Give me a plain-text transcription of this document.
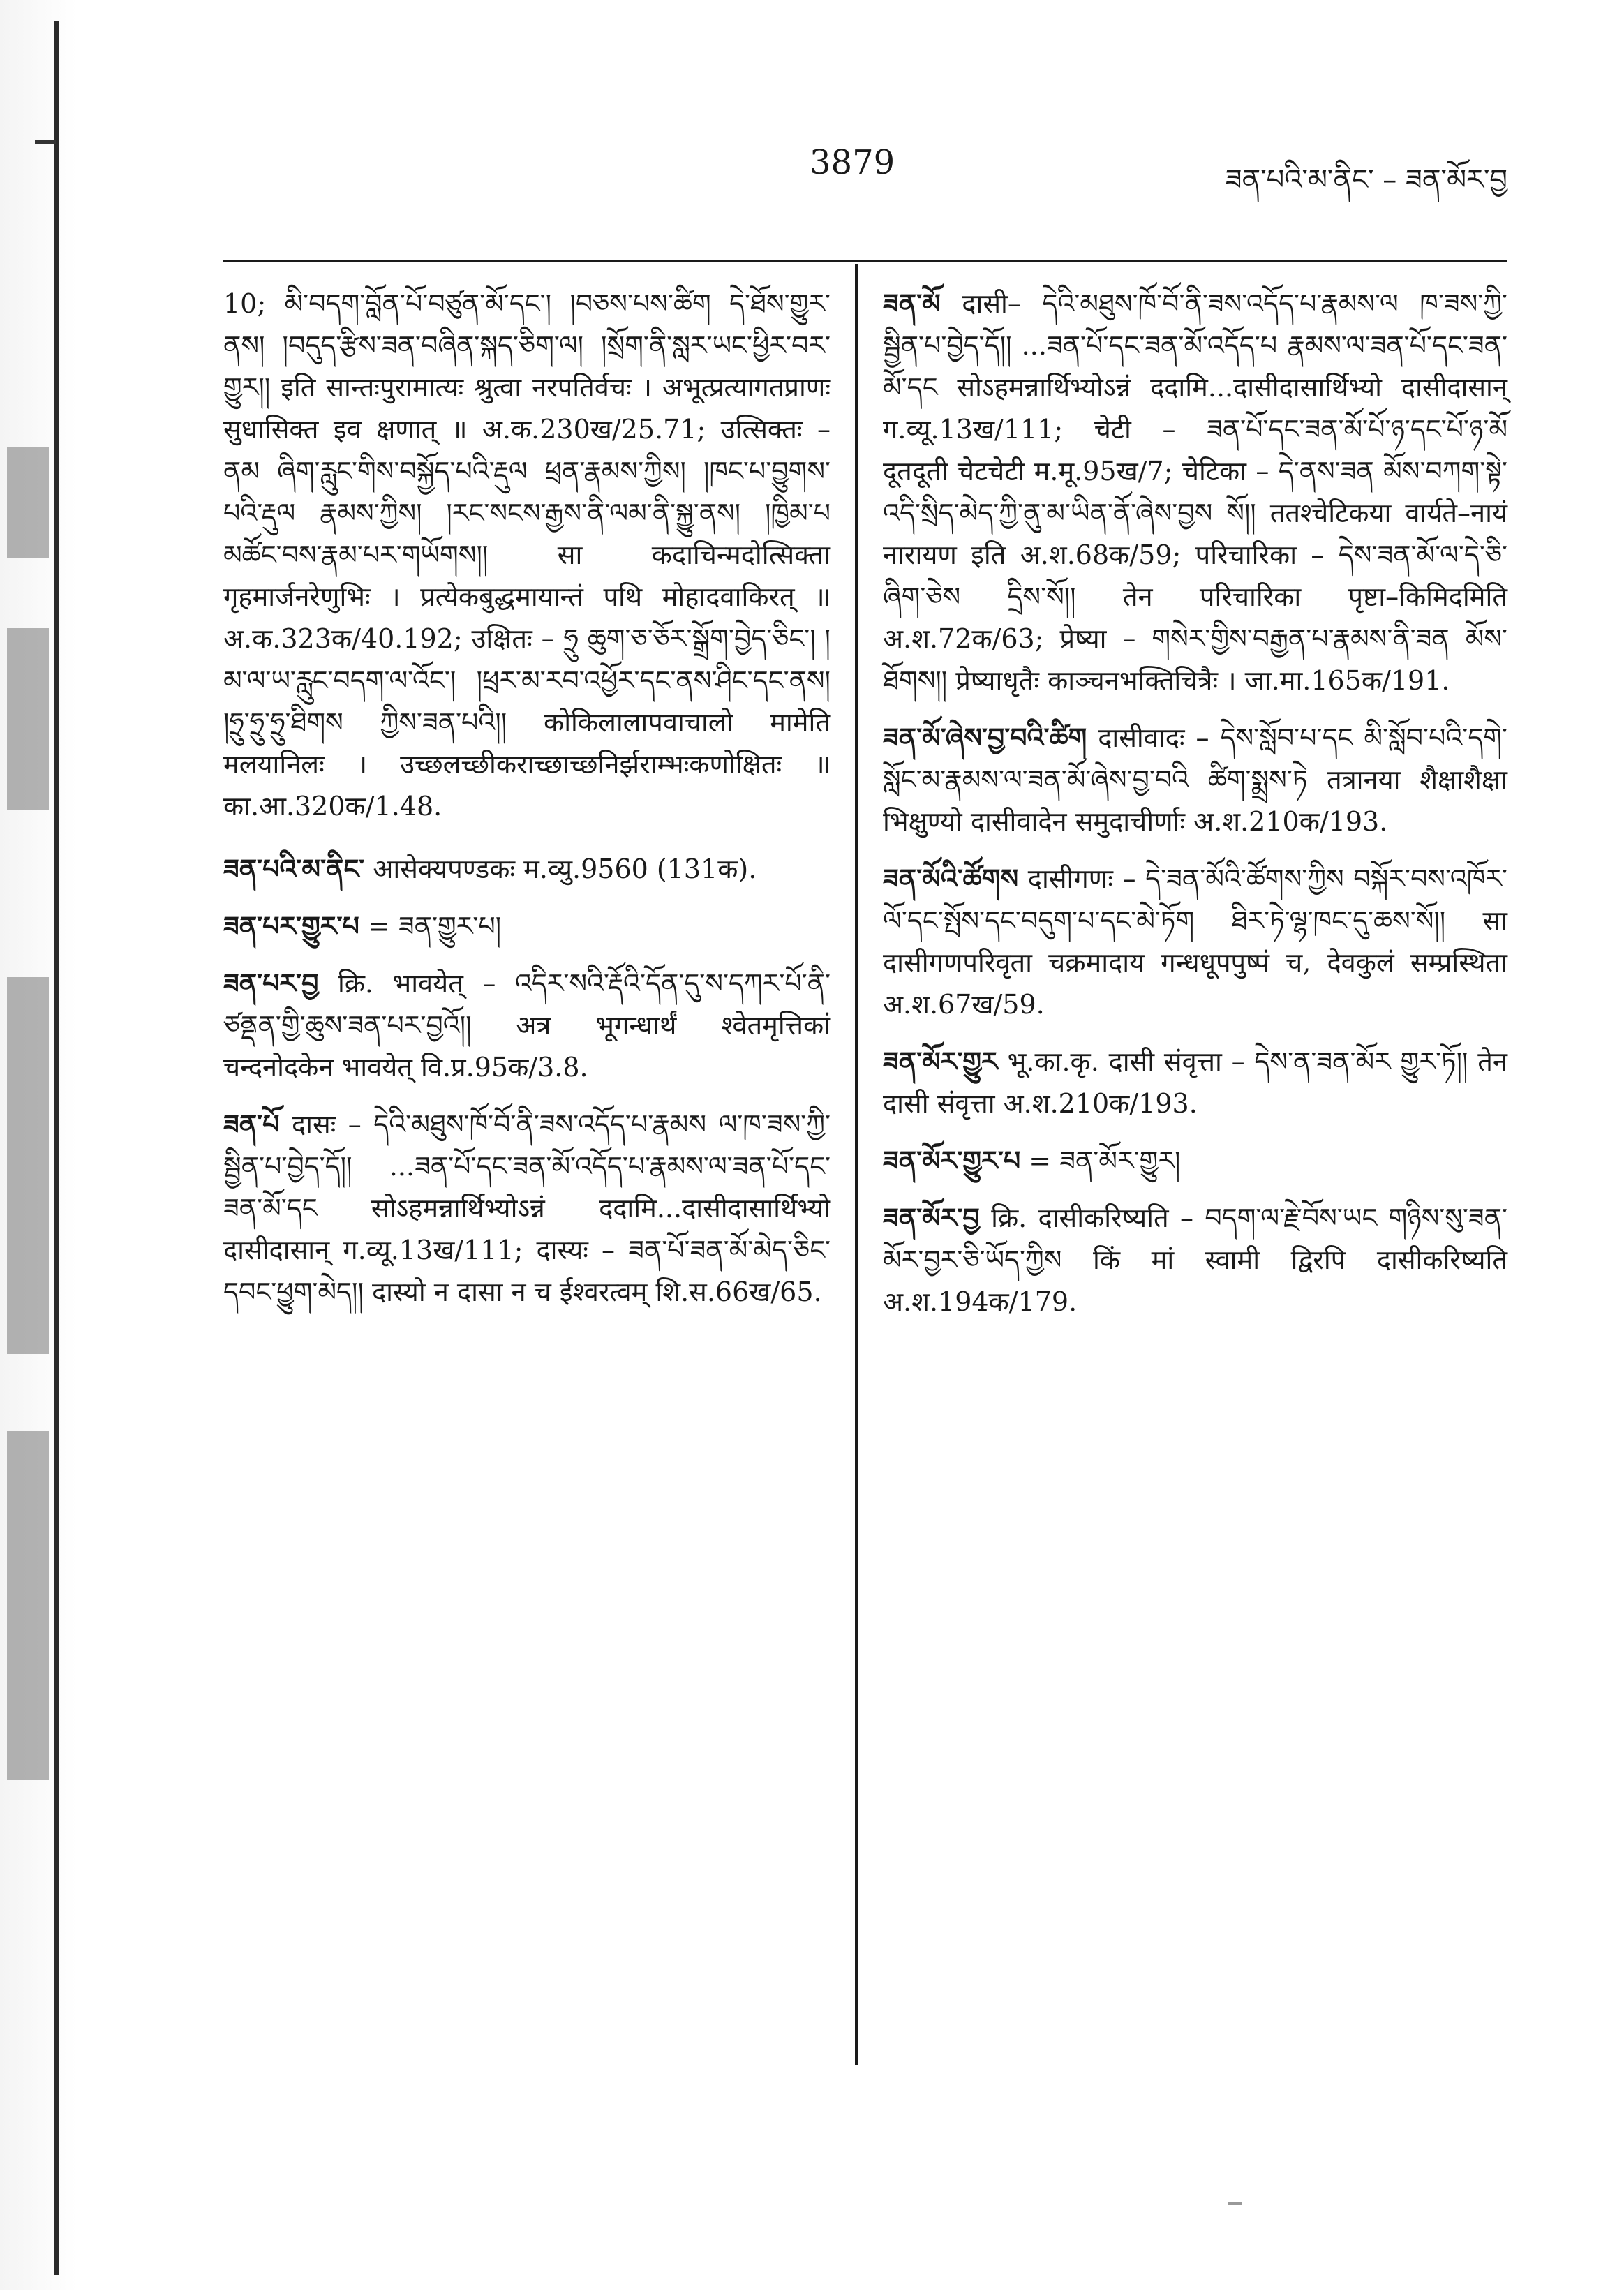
3879	ཟན་པའི་མ་ནིང་ – ཟན་མོར་བྱ

10; མི་བདག་བློན་པོ་བཙུན་མོ་དང་། །བཅས་པས་ཚིག དེ་ཐོས་གྱུར་ནས། །བདུད་རྩིས་ཟན་བཞིན་སྐད་ཅིག་ལ། །སྲོག་ནི་སླར་ཡང་ཕྱིར་བར་གྱུར།། इति सान्तःपुरामात्यः श्रुत्वा नरपतिर्वचः । अभूत्प्रत्यागतप्राणः सुधासिक्त इव क्षणात् ॥ अ.क.230ख/25.71; उत्सिक्तः – ནམ ཞིག་རླུང་གིས་བསྐྱོད་པའི་རྡུལ ཕྲན་རྣམས་ཀྱིས། །ཁང་པ་བྱུགས་པའི་རྡུལ རྣམས་ཀྱིས། །རང་སངས་རྒྱས་ནི་ལམ་ནི་སྐྱུ་ནས། །ཁྱིམ་པ མཚོང་བས་རྣམ་པར་གཡོགས།། सा कदाचिन्मदोत्सिक्ता गृहमार्जनरेणुभिः । प्रत्येकबुद्धमायान्तं पथि मोहादवाकिरत् ॥ अ.क.323क/40.192; उक्षितः – ཧྲུ ཆུག་ཅ་ཅོར་སྒྲོག་བྱེད་ཅིང་། །མ་ལ་ཡ་རླུང་བདག་ལ་འོང་། །ཕྲར་མ་རབ་འཕྱོར་དང་ནས་ཤིང་དང་ནས། །ཧྲུ་ཧྲུ་ཧྲུ་ཐིགས ཀྱིས་ཟན་པའི།། कोकिलालापवाचालो मामेति मलयानिलः । उच्छलच्छीकराच्छाच्छनिर्झराम्भःकणोक्षितः ॥ का.आ.320क/1.48.

ཟན་པའི་མ་ནིང་ आसेक्यपण्डकः म.व्यु.9560 (131क).

ཟན་པར་གྱུར་པ = ཟན་གྱུར་པ།

ཟན་པར་བྱ क्रि. भावयेत् – འདིར་སའི་རྡོའི་དོན་དུ་ས་དཀར་པོ་ནི་ཙནྡན་གྱི་ཆུས་ཟན་པར་བྱའོ།། अत्र भूगन्धार्थं श्वेतमृत्तिकां चन्दनोदकेन भावयेत् वि.प्र.95क/3.8.

ཟན་པོ दासः – དེའི་མཐུས་ཁོ་བོ་ནི་ཟས་འདོད་པ་རྣམས ལ་ཁ་ཟས་ཀྱི་སྦྱིན་པ་བྱེད་དོ།། ...ཟན་པོ་དང་ཟན་མོ་འདོད་པ་རྣམས་ལ་ཟན་པོ་དང་ཟན་མོ་དང सोऽहमन्नार्थिभ्योऽन्नं ददामि...दासीदासार्थिभ्यो दासीदासान् ग.व्यू.13ख/111; दास्यः – ཟན་པོ་ཟན་མོ་མེད་ཅིང་དབང་ཕྱུག་མེད།། दास्यो न दासा न च ईश्वरत्वम् शि.स.66ख/65.

ཟན་མོ दासी– དེའི་མཐུས་ཁོ་བོ་ནི་ཟས་འདོད་པ་རྣམས་ལ ཁ་ཟས་ཀྱི་སྦྱིན་པ་བྱེད་དོ།། ...ཟན་པོ་དང་ཟན་མོ་འདོད་པ རྣམས་ལ་ཟན་པོ་དང་ཟན་མོ་དང सोऽहमन्नार्थिभ्योऽन्नं ददामि...दासीदासार्थिभ्यो दासीदासान् ग.व्यू.13ख/111; चेटी – ཟན་པོ་དང་ཟན་མོ་པོ་ཉ་དང་པོ་ཉ་མོ दूतदूती चेटचेटी म.मू.95ख/7; चेटिका – དེ་ནས་ཟན མོས་བཀག་སྟེ་འདི་སྲིད་མེད་ཀྱི་ནུ་མ་ཡིན་ནོ་ཞེས་བྱས སོ།། ततश्चेटिकया वार्यते–नायं नारायण इति अ.श.68क/59; परिचारिका – དེས་ཟན་མོ་ལ་དེ་ཅི་ཞིག་ཅེས དྲིས་སོ།། तेन परिचारिका पृष्टा–किमिदमिति अ.श.72क/63; प्रेष्या – གསེར་གྱིས་བརྒྱན་པ་རྣམས་ནི་ཟན མོས་ཐོགས།། प्रेष्याधृतैः काञ्चनभक्तिचित्रैः । जा.मा.165क/191.

ཟན་མོ་ཞེས་བྱ་བའི་ཚིག दासीवादः – དེས་སློབ་པ་དང མི་སློབ་པའི་དགེ་སློང་མ་རྣམས་ལ་ཟན་མོ་ཞེས་བྱ་བའི ཚིག་སྨྲས་ཏེ तत्रानया शैक्षाशैक्षा भिक्षुण्यो दासीवादेन समुदाचीर्णाः अ.श.210क/193.

ཟན་མོའི་ཚོགས दासीगणः – དེ་ཟན་མོའི་ཚོགས་ཀྱིས བསྐོར་བས་འཁོར་ལོ་དང་སྤོས་དང་བདུག་པ་དང་མེ་ཏོག ཐིར་ཏེ་ལྷ་ཁང་དུ་ཆས་སོ།། सा दासीगणपरिवृता चक्रमादाय गन्धधूपपुष्पं च, देवकुलं सम्प्रस्थिता अ.श.67ख/59.

ཟན་མོར་གྱུར भू.का.कृ. दासी संवृत्ता – དེས་ན་ཟན་མོར གྱུར་ཏོ།། तेन दासी संवृत्ता अ.श.210क/193.

ཟན་མོར་གྱུར་པ = ཟན་མོར་གྱུར།

ཟན་མོར་བྱ क्रि. दासीकरिष्यति – བདག་ལ་རྗེ་བོས་ཡང གཉིས་སུ་ཟན་མོར་བྱར་ཅི་ཡོད་ཀྱིས किं मां स्वामी द्विरपि दासीकरिष्यति अ.श.194क/179.
